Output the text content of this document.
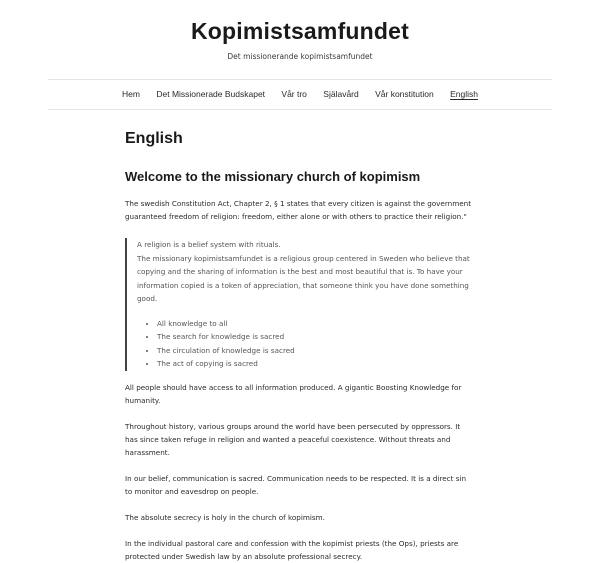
Kopimistsamfundet
Det missionerande kopimistsamfundet
Hem Det Missionerade Budskapet Vår tro Själavård Vår konstitution English
English
Welcome to the missionary church of kopimism

The swedish Constitution Act, Chapter 2, § 1 states that every citizen is against the government guaranteed freedom of religion: freedom, either alone or with others to practice their religion."

A religion is a belief system with rituals.

The missionary kopimistsamfundet is a religious group centered in Sweden who believe that copying and the sharing of information is the best and most beautiful that is. To have your information copied is a token of appreciation, that someone think you have done something good.

• All knowledge to all
• The search for knowledge is sacred
• The circulation of knowledge is sacred
• The act of copying is sacred

All people should have access to all information produced. A gigantic Boosting Knowledge for humanity.

Throughout history, various groups around the world have been persecuted by oppressors. It has since taken refuge in religion and wanted a peaceful coexistence. Without threats and harassment.

In our belief, communication is sacred. Communication needs to be respected. It is a direct sin to monitor and eavesdrop on people.

The absolute secrecy is holy in the church of kopimism.

In the individual pastoral care and confession with the kopimist priests (the Ops), priests are protected under Swedish law by an absolute professional secrecy.
